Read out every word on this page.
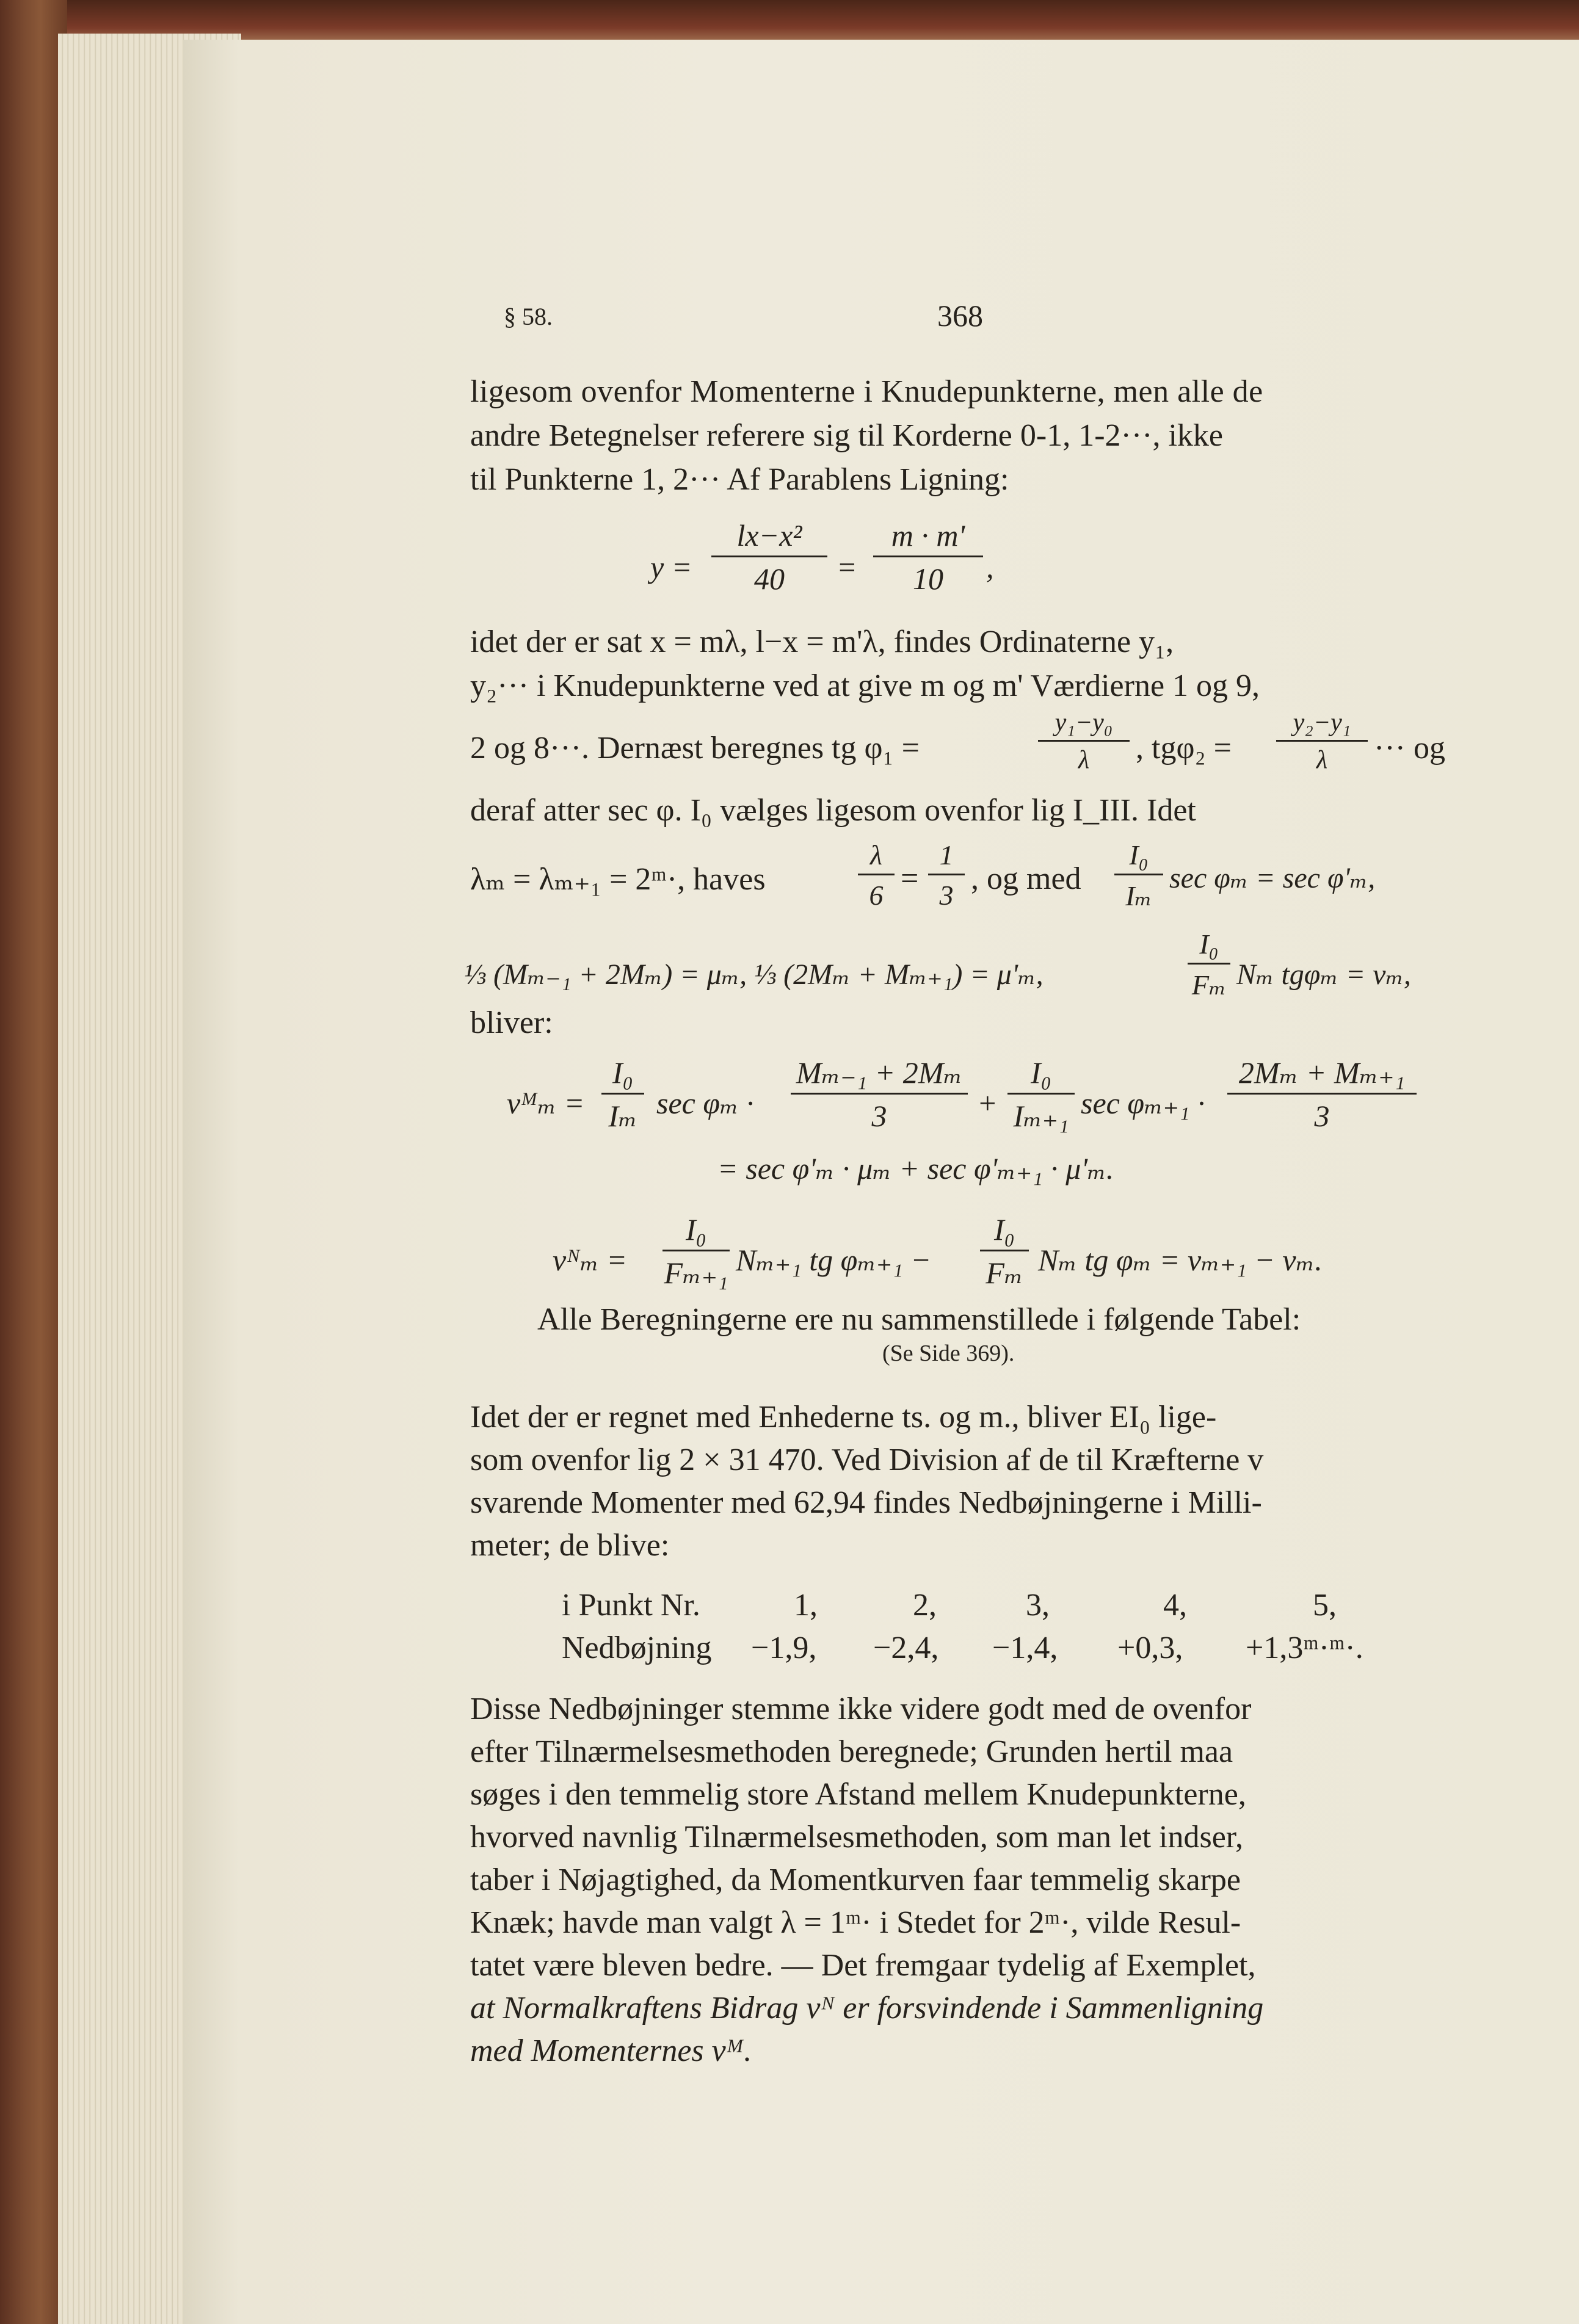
§ 58.	368
ligesom ovenfor Momenterne i Knudepunkterne, men alle de
andre Betegnelser referere sig til Korderne 0-1, 1-2···, ikke
til Punkterne 1, 2··· Af Parablens Ligning:
$y = \frac{\text{lx−x²}}{40} = \frac{m \cdot m'}{10}$ ,
idet der er sat x = mλ, l−x = m'λ, findes Ordinaterne y₁,
y₂··· i Knudepunkterne ved at give m og m' Værdierne 1 og 9,
2 og 8···. Dernæst beregnes tg φ₁ =	$\frac{\text{y₁−y₀}}{\lambda}$ , $tg\varphi_2 = \frac{\text{y₂−y₁}}{\lambda}$ ··· og
deraf atter sec φ. I₀ vælges ligesom ovenfor lig I_III. Idet
λₘ = λₘ₊₁ = 2ᵐ·, haves	$\frac{\lambda}{6} = \frac{1}{3}$ , og med $\frac{\text{I₀}}{\text{Iₘ}}$ sec φₘ = sec φ'ₘ,
⅓ (Mₘ₋₁ + 2Mₘ) = μₘ, ⅓ (2Mₘ + Mₘ₊₁) = μ'ₘ,	$\frac{\text{I₀}}{\text{Fₘ}}$ Nₘ tgφₘ = νₘ,
bliver:
vᴹₘ = $\frac{\text{I₀}}{\text{Iₘ}}$ $\sec \varphi_m \cdot \frac{\text{Mₘ₋₁ + 2Mₘ}}{3} + \frac{\text{I₀}}{\text{Iₘ₊₁}}$ $\sec \varphi_{m+1} \cdot \frac{\text{2Mₘ + Mₘ₊₁}}{3}$
= sec φ'ₘ · μₘ + sec φ'ₘ₊₁ · μ'ₘ.
vᴺₘ = $\frac{\text{I₀}}{\text{Fₘ₊₁}} N_{m+1}$ tg $\varphi_{m+1} - \frac{\text{I₀}}{\text{Fₘ}}$ Nₘ tg φₘ = νₘ₊₁ − νₘ.
Alle Beregningerne ere nu sammenstillede i følgende Tabel:
(Se Side 369).
Idet der er regnet med Enhederne ts. og m., bliver EI₀ lige-
som ovenfor lig 2 × 31 470. Ved Division af de til Kræfterne v
svarende Momenter med 62,94 findes Nedbøjningerne i Milli-
meter; de blive:
i Punkt Nr.	1,	2,	3,	4,	5,
Nedbøjning −1,9, −2,4, −1,4, +0,3, +1,3ᵐ·ᵐ·.
Disse Nedbøjninger stemme ikke videre godt med de ovenfor
efter Tilnærmelsesmethoden beregnede; Grunden hertil maa
søges i den temmelig store Afstand mellem Knudepunkterne,
hvorved navnlig Tilnærmelsesmethoden, som man let indser,
taber i Nøjagtighed, da Momentkurven faar temmelig skarpe
Knæk; havde man valgt λ = 1ᵐ· i Stedet for 2ᵐ·, vilde Resul-
tatet være bleven bedre. — Det fremgaar tydelig af Exemplet,
at Normalkraftens Bidrag vᴺ er forsvindende i Sammenligning
med Momenternes vᴹ.
